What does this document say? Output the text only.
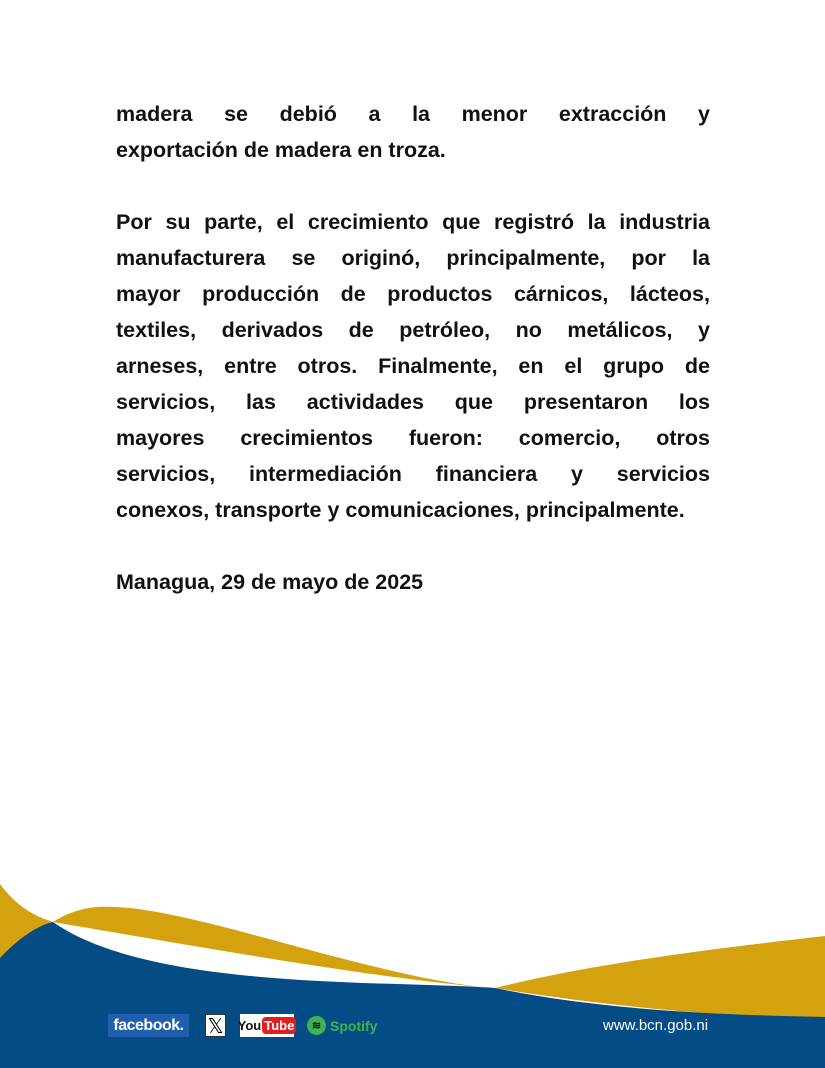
madera se debió a la menor extracción y
exportación de madera en troza.
Por su parte, el crecimiento que registró la industria
manufacturera se originó, principalmente, por la
mayor producción de productos cárnicos, lácteos,
textiles, derivados de petróleo, no metálicos, y
arneses, entre otros. Finalmente, en el grupo de
servicios, las actividades que presentaron los
mayores crecimientos fueron: comercio, otros
servicios, intermediación financiera y servicios
conexos, transporte y comunicaciones, principalmente.
Managua, 29 de mayo de 2025
facebook. 𝕏 You Tube	≋ Spotify	www.bcn.gob.ni
